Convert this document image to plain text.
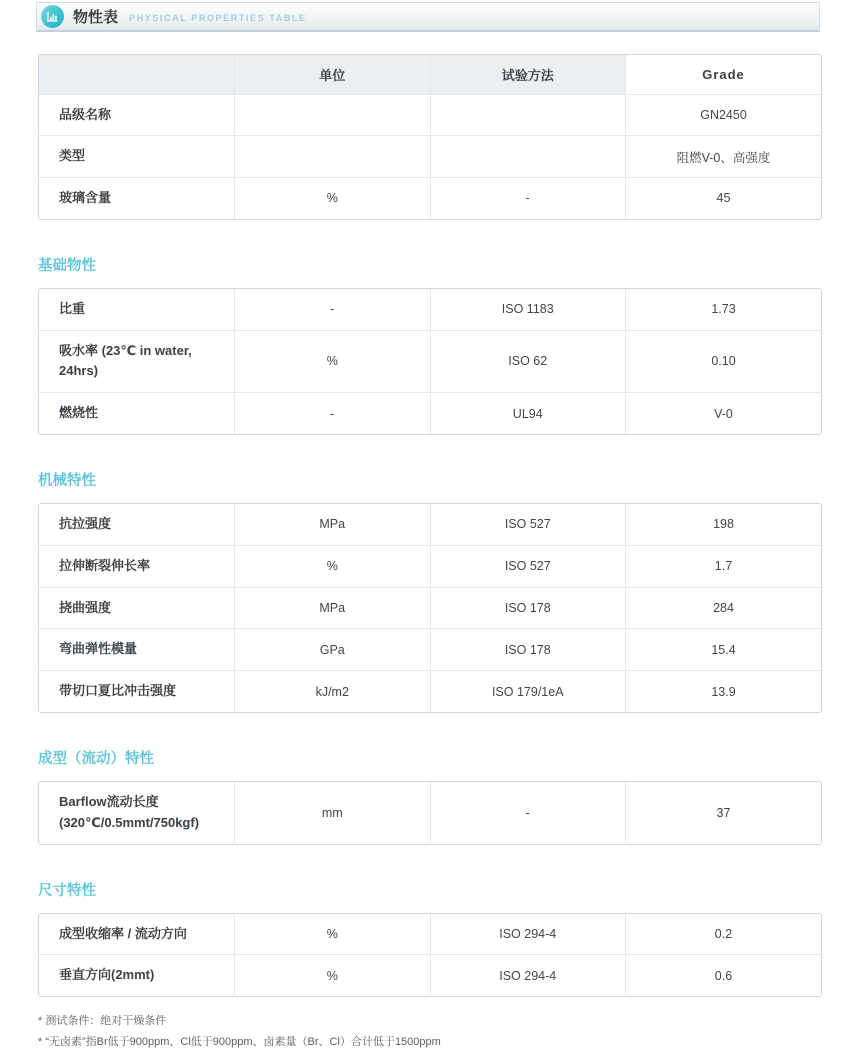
物性表 PHYSICAL PROPERTIES TABLE
	单位	试验方法	Grade
品级名称			GN2450
类型			阻燃V-0、高强度
玻璃含量	%	-	45
基础物性
比重	-	ISO 1183	1.73

吸水率 (23℃ in water,
24hrs)	%	ISO 62	0.10
燃烧性	-	UL94	V-0
机械特性
抗拉强度	MPa	ISO 527	198
拉伸断裂伸长率	%	ISO 527	1.7
挠曲强度	MPa	ISO 178	284
弯曲弹性模量	GPa	ISO 178	15.4
带切口夏比冲击强度	kJ/m2	ISO 179/1eA	13.9
成型（流动）特性
Barflow流动长度
(320℃/0.5mmt/750kgf)
	mm	-	37
尺寸特性
成型收缩率 / 流动方向	%	ISO 294-4	0.2
垂直方向(2mmt)	%	ISO 294-4	0.6
* 测试条件：绝对干燥条件
* “无卤素”指Br低于900ppm、Cl低于900ppm、卤素量（Br、Cl）合计低于1500ppm
